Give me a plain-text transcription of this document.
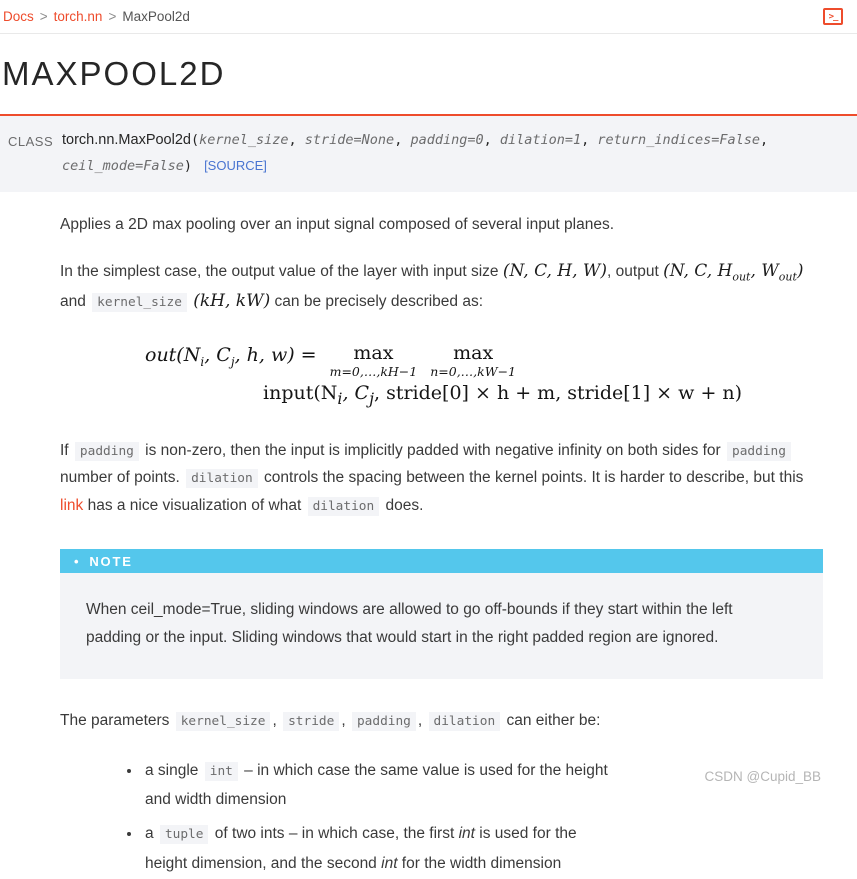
Docs > torch.nn > MaxPool2d	>_
MAXPOOL2D
CLASS torch.nn.MaxPool2d(kernel_size, stride=None, padding=0, dilation=1, return_indices=False,
ceil_mode=False) [SOURCE]

Applies a 2D max pooling over an input signal composed of several input planes.

In the simplest case, the output value of the layer with input size (N, C, H, W), output (N, C, $H_{out}$, $W_{out}$) and kernel_size (kH, kW) can be precisely described as:

$out(N_i$, $C_j$, h, w) = max
m=0,…,kH−1
max
n=0,…,kW−1
$input(N_i$, $C_j$, stride[0] × h + m, stride[1] × w + n)

If padding is non-zero, then the input is implicitly padded with negative infinity on both sides for padding number of points. dilation controls the spacing between the kernel points. It is harder to describe, but this link has a nice visualization of what dilation does.

• NOTE
When ceil_mode=True, sliding windows are allowed to go off-bounds if they start within the left padding or the input. Sliding windows that would start in the right padded region are ignored.

The parameters kernel_size , stride , padding , dilation can either be:

• a single int – in which case the same value is used for the height and width dimension
• a tuple of two ints – in which case, the first int is used for the height dimension, and the second int for the width dimension
CSDN @Cupid_BB
